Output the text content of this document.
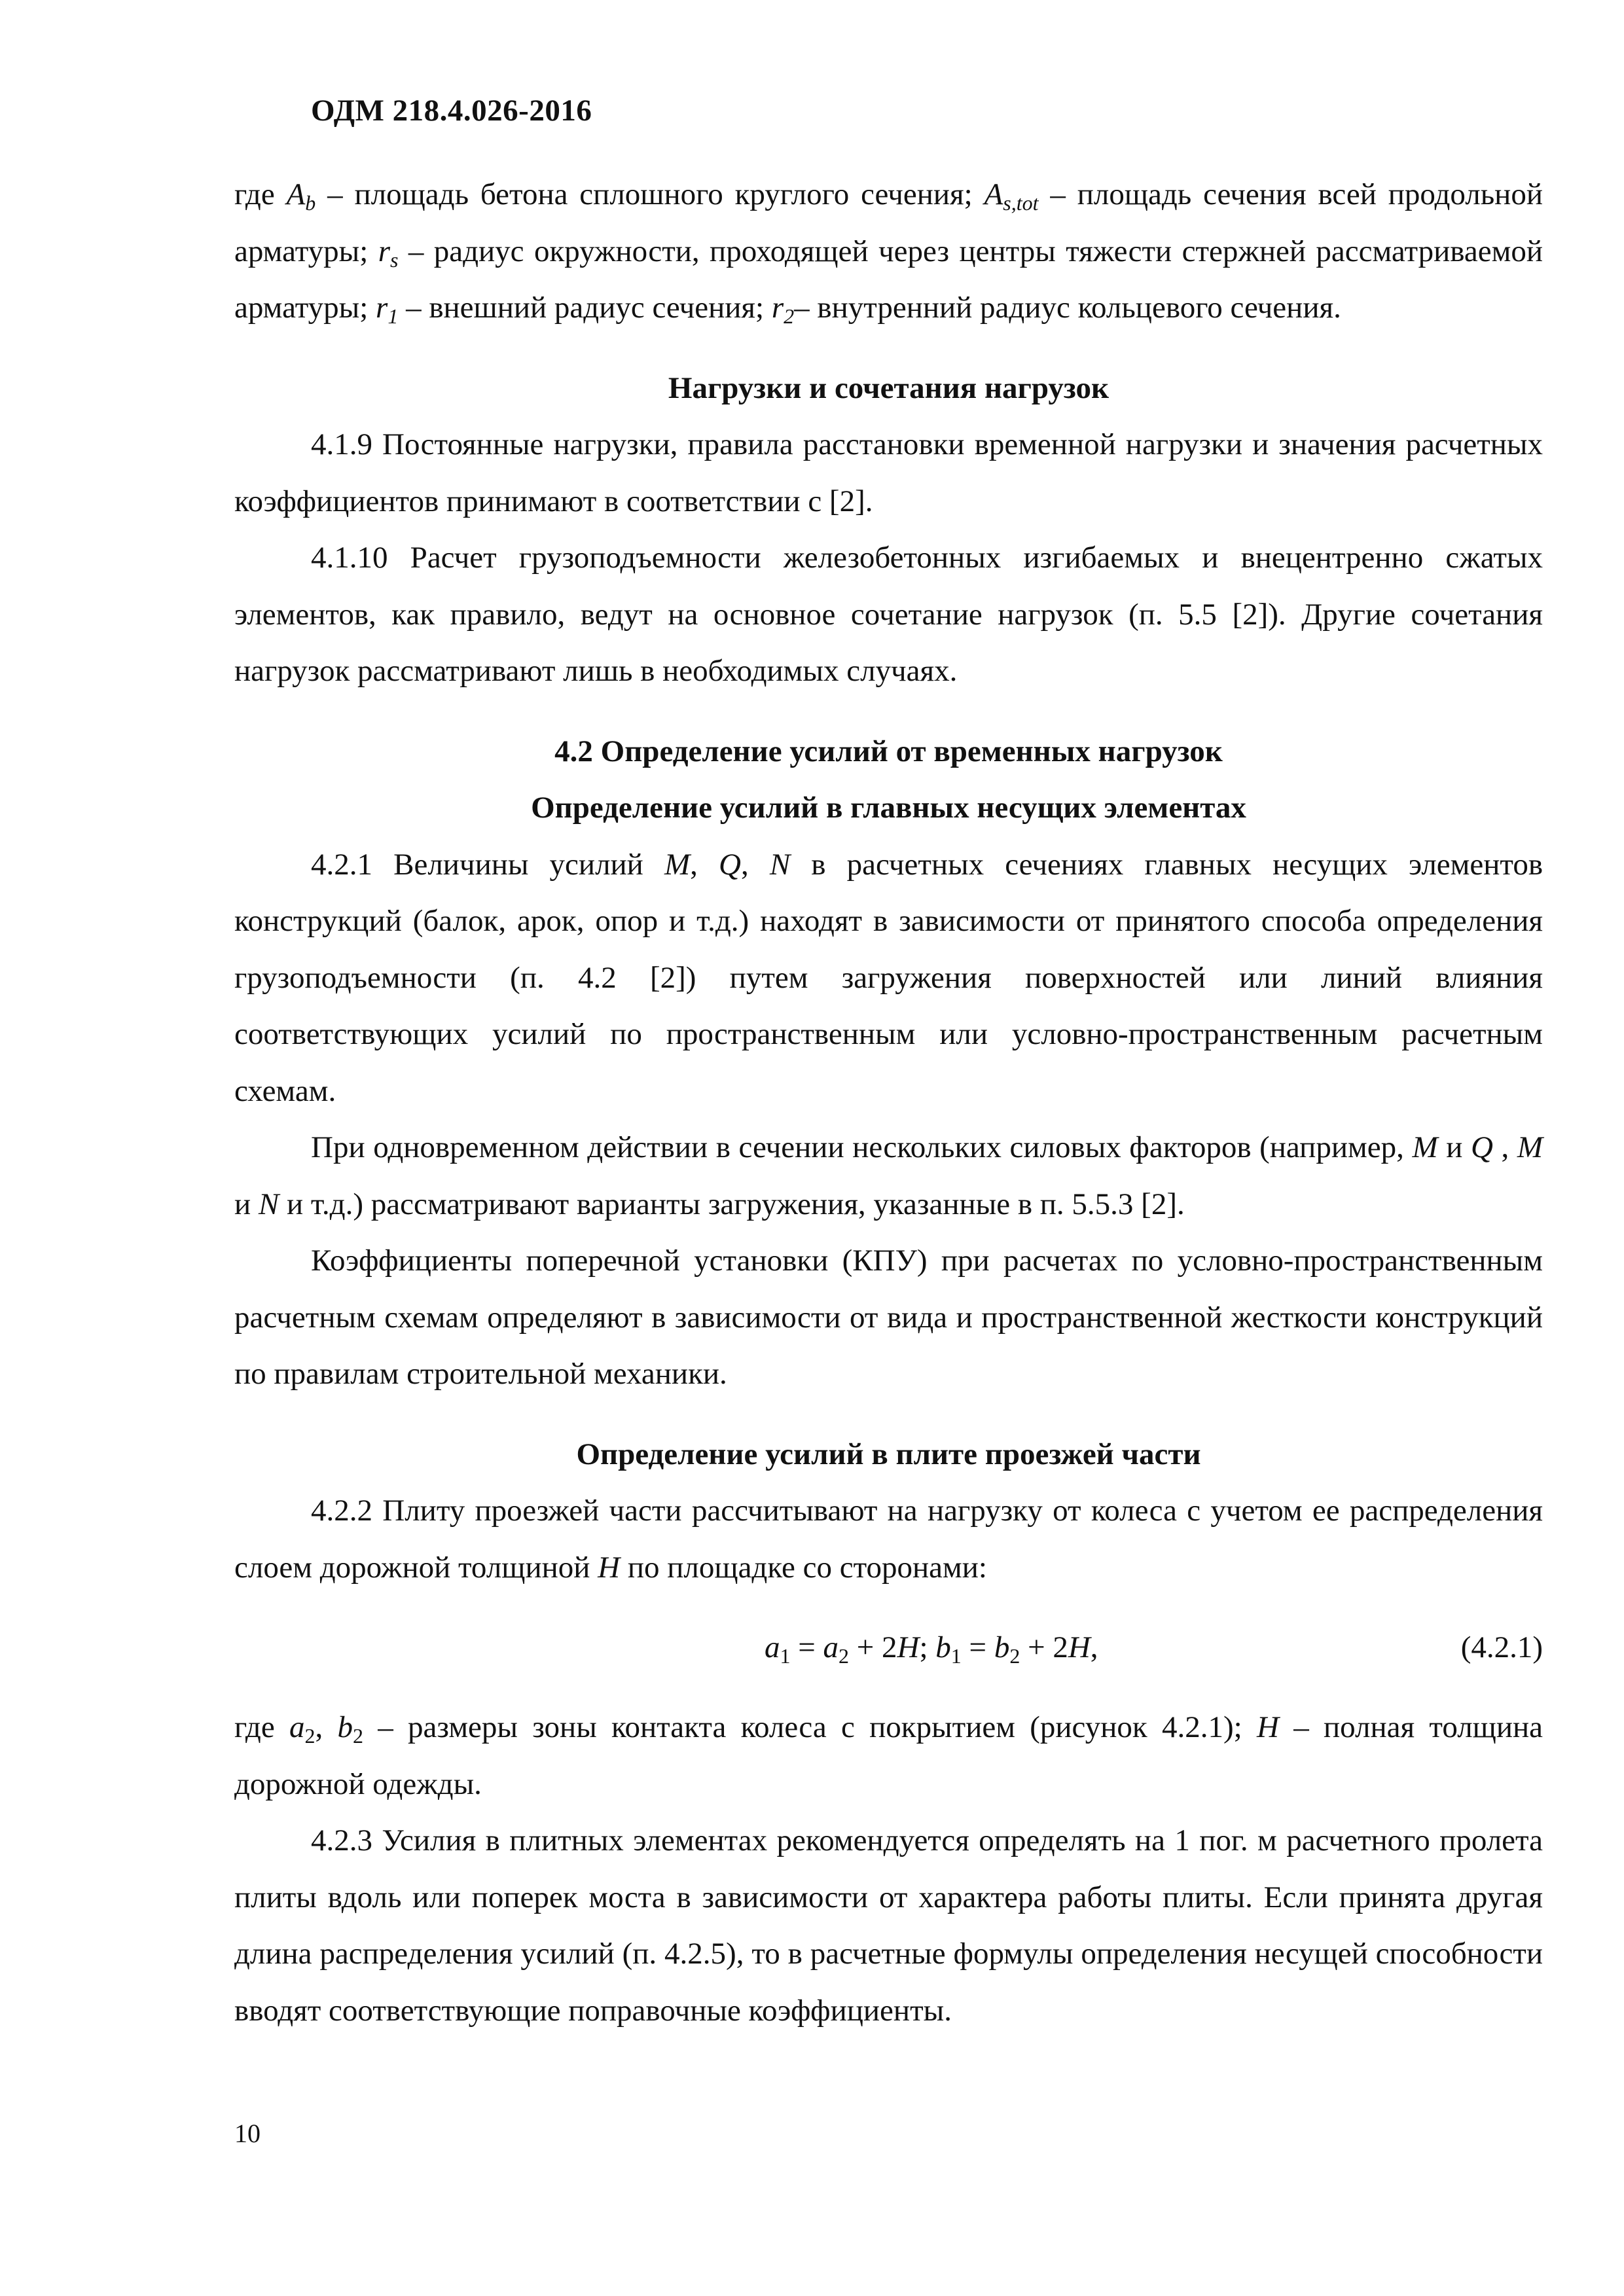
ОДМ 218.4.026-2016

где $A_b$ – площадь бетона сплошного круглого сечения; $A_{s,tot}$ – площадь сечения всей продольной арматуры; $r_s$ – радиус окружности, проходящей через центры тяжести стержней рассматриваемой арматуры; $r_1$ – внешний радиус сечения; $r_2-$ внутренний радиус кольцевого сечения.

Нагрузки и сочетания нагрузок

4.1.9 Постоянные нагрузки, правила расстановки временной нагрузки и значения расчетных коэффициентов принимают в соответствии с [2].

4.1.10 Расчет грузоподъемности железобетонных изгибаемых и внецентренно сжатых элементов, как правило, ведут на основное сочетание нагрузок (п. 5.5 [2]). Другие сочетания нагрузок рассматривают лишь в необходимых случаях.

4.2 Определение усилий от временных нагрузок

Определение усилий в главных несущих элементах

4.2.1 Величины усилий M, Q, N в расчетных сечениях главных несущих элементов конструкций (балок, арок, опор и т.д.) находят в зависимости от принятого способа определения грузоподъемности (п. 4.2 [2]) путем загружения поверхностей или линий влияния соответствующих усилий по пространственным или условно-пространственным расчетным схемам.

При одновременном действии в сечении нескольких силовых факторов (например, M и Q , M и N и т.д.) рассматривают варианты загружения, указанные в п. 5.5.3 [2].

Коэффициенты поперечной установки (КПУ) при расчетах по условно-пространственным расчетным схемам определяют в зависимости от вида и пространственной жесткости конструкций по правилам строительной механики.

Определение усилий в плите проезжей части

4.2.2 Плиту проезжей части рассчитывают на нагрузку от колеса с учетом ее распределения слоем дорожной толщиной H по площадке со сторонами:

$a_1 = a_2 + 2H$; $b_1 = b_2 + 2H$,	(4.2.1)

где $a_2$, $b_2$ – размеры зоны контакта колеса с покрытием (рисунок 4.2.1); H – полная толщина дорожной одежды.

4.2.3 Усилия в плитных элементах рекомендуется определять на 1 пог. м расчетного пролета плиты вдоль или поперек моста в зависимости от характера работы плиты. Если принята другая длина распределения усилий (п. 4.2.5), то в расчетные формулы определения несущей способности вводят соответствующие поправочные коэффициенты.

10
